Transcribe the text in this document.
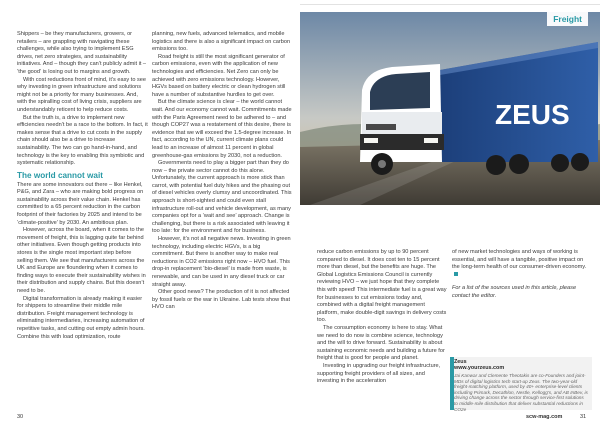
Shippers – be they manufacturers, growers, or retailers – are grappling with navigating these challenges, while also trying to implement ESG drives, net zero strategies, and sustainability initiatives. And – though they can’t publicly admit it – ‘the good’ is losing out to margins and growth.

With cost reductions front of mind, it’s easy to see why investing in green infrastructure and solutions might not be a priority for many businesses. And, with the spiralling cost of living crisis, suppliers are understandably reticent to help reduce costs.

But the truth is, a drive to implement new efficiencies needn’t be a race to the bottom. In fact, it makes sense that a drive to cut costs in the supply chain should also be a drive to increase sustainability. The two can go hand-in-hand, and technology is the key to enabling this symbiotic and systematic relationship.

The world cannot wait

There are some innovators out there – like Henkel, P&G, and Zara – who are making bold progress on sustainability across their value chain. Henkel has committed to a 65 percent reduction in the carbon footprint of their factories by 2025 and intend to be ‘climate-positive’ by 2030. An ambitious plan.

However, across the board, when it comes to the movement of freight, this is lagging quite far behind other initiatives. Even though getting products into stores is the single most important step before selling them. We see that manufacturers across the UK and Europe are floundering when it comes to finding ways to execute their sustainability wishes in their distribution and supply chains. But this doesn’t need to be.

Digital transformation is already making it easier for shippers to streamline their middle mile distribution. Freight management technology is eliminating intermediaries, increasing automation of repetitive tasks, and cutting out empty admin hours. Combine this with load optimization, route

planning, new fuels, advanced telematics, and mobile logistics and there is also a significant impact on carbon emissions too.

Road freight is still the most significant generator of carbon emissions, even with the application of new technologies and efficiencies. Net Zero can only be achieved with zero emissions technology. However, HGVs based on battery electric or clean hydrogen still have a number of substantive hurdles to get over.

But the climate science is clear – the world cannot wait. And our economy cannot wait. Commitments made with the Paris Agreement need to be adhered to – and though COP27 was a restatement of this desire, there is evidence that we will exceed the 1.5-degree increase. In fact, according to the UN, current climate plans could lead to an increase of almost 11 percent in global greenhouse-gas emissions by 2030, not a reduction.

Governments need to play a bigger part than they do now – the private sector cannot do this alone. Unfortunately, the current approach is more stick than carrot, with potential fuel duty hikes and the phasing out of diesel vehicles overly clumsy and uncoordinated. This approach is short-sighted and could even stall infrastructure roll-out and vehicle development, as many companies opt for a ‘wait and see’ approach. Change is challenging, but there is a risk associated with leaving it too late: for the environment and for business.

However, it’s not all negative news. Investing in green technology, including electric HGVs, is a big commitment. But there is another way to make real reductions in CO2 emissions right now – HVO fuel. This drop-in replacement ‘bio-diesel’ is made from waste, is renewable, and can be used in any diesel truck or car straight away.

Other good news? The production of it is not affected by fossil fuels or the war in Ukraine. Lab tests show that HVO can

30
ZEUS
Freight

reduce carbon emissions by up to 90 percent compared to diesel. It does cost ten to 15 percent more than diesel, but the benefits are huge. The Global Logistics Emissions Council is currently reviewing HVO – we just hope that they complete this with speed! This intermediate fuel is a great way for businesses to cut emissions today and, combined with a digital freight management platform, make double-digit savings in delivery costs too.

The consumption economy is here to stay. What we need to do now is combine science, technology and the will to drive forward. Sustainability is about sustaining economic needs and building a future for freight that is good for people and planet.

Investing in upgrading our freight infrastructure, supporting freight providers of all sizes, and investing in the acceleration

of new market technologies and ways of working is essential, and will have a tangible, positive impact on the long-term health of our consumer-driven economy.

For a list of the sources used in this article, please contact the editor.

Zeus
www.yourzeus.com
Jai Kanwar and Clemente Theotakis are co-Founders and joint-MDs of digital logistics tech start-up Zeus. The two-year-old freight-matching platform, used by 40+ enterprise-level clients including Primark, Decathlon, Nestle, Kellogg’s, and AB InBev, is driving change across the sector through service-first solutions to middle-mile distribution that deliver substantial reductions in CO2e
scw-mag.com	31
